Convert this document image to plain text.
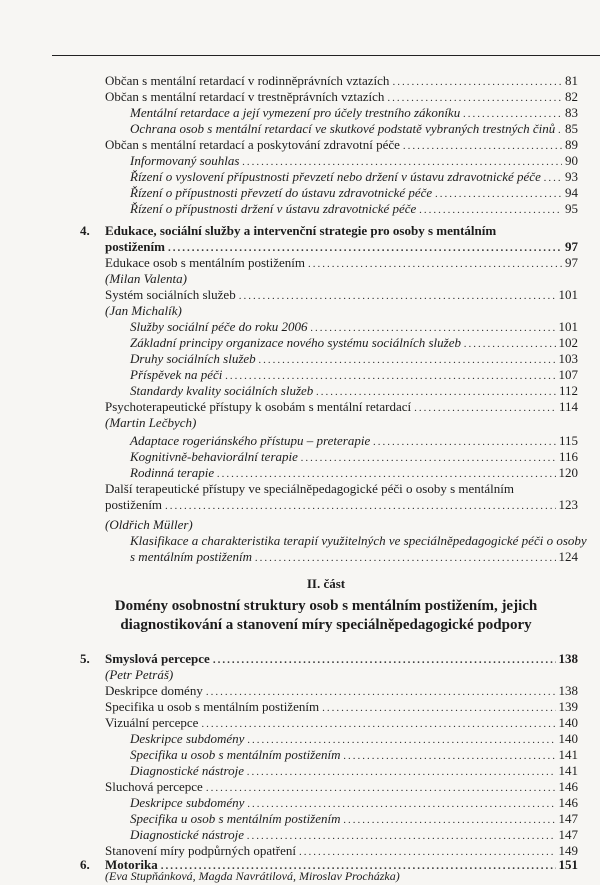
Občan s mentální retardací v rodinněprávních vztazích .....	81
Občan s mentální retardací v trestněprávních vztazích .....	82
Mentální retardace a její vymezení pro účely trestního zákoníku .....	83
Ochrana osob s mentální retardací ve skutkové podstatě vybraných trestných činů ..... 85
Občan s mentální retardací a poskytování zdravotní péče .....	89
Informovaný souhlas .....	90
Řízení o vyslovení přípustnosti převzetí nebo držení v ústavu zdravotnické péče ..... 93
Řízení o přípustnosti převzetí do ústavu zdravotnické péče .....	94
Řízení o přípustnosti držení v ústavu zdravotnické péče .....	95
4. Edukace, sociální služby a intervenční strategie pro osoby s mentálním
postižením .....	97
Edukace osob s mentálním postižením .....	97
(Milan Valenta)
Systém sociálních služeb .....	101
(Jan Michalík)
Služby sociální péče do roku 2006 .....	101
Základní principy organizace nového systému sociálních služeb .....	102
Druhy sociálních služeb .....	103
Příspěvek na péči .....	107
Standardy kvality sociálních služeb .....	112
Psychoterapeutické přístupy k osobám s mentální retardací .....	114
(Martin Lečbych)
Adaptace rogeriánského přístupu – preterapie .....	115
Kognitivně-behaviorální terapie .....	116
Rodinná terapie .....	120
Další terapeutické přístupy ve speciálněpedagogické péči o osoby s mentálním
postižením .....	123
(Oldřich Müller)
Klasifikace a charakteristika terapií využitelných ve speciálněpedagogické péči o osoby
s mentálním postižením .....	124
II. část
Domény osobnostní struktury osob s mentálním postižením, jejich
diagnostikování a stanovení míry speciálněpedagogické podpory
5. Smyslová percepce .....	138
(Petr Petráš)
Deskripce domény .....	138
Specifika u osob s mentálním postižením .....	139
Vizuální percepce .....	140
Deskripce subdomény .....	140
Specifika u osob s mentálním postižením .....	141
Diagnostické nástroje .....	141
Sluchová percepce .....	146
Deskripce subdomény .....	146
Specifika u osob s mentálním postižením .....	147
Diagnostické nástroje .....	147
Stanovení míry podpůrných opatření .....	149
6. Motorika .....	151
(Eva Stupňánková, Magda Navrátilová, Miroslav Procházka)
